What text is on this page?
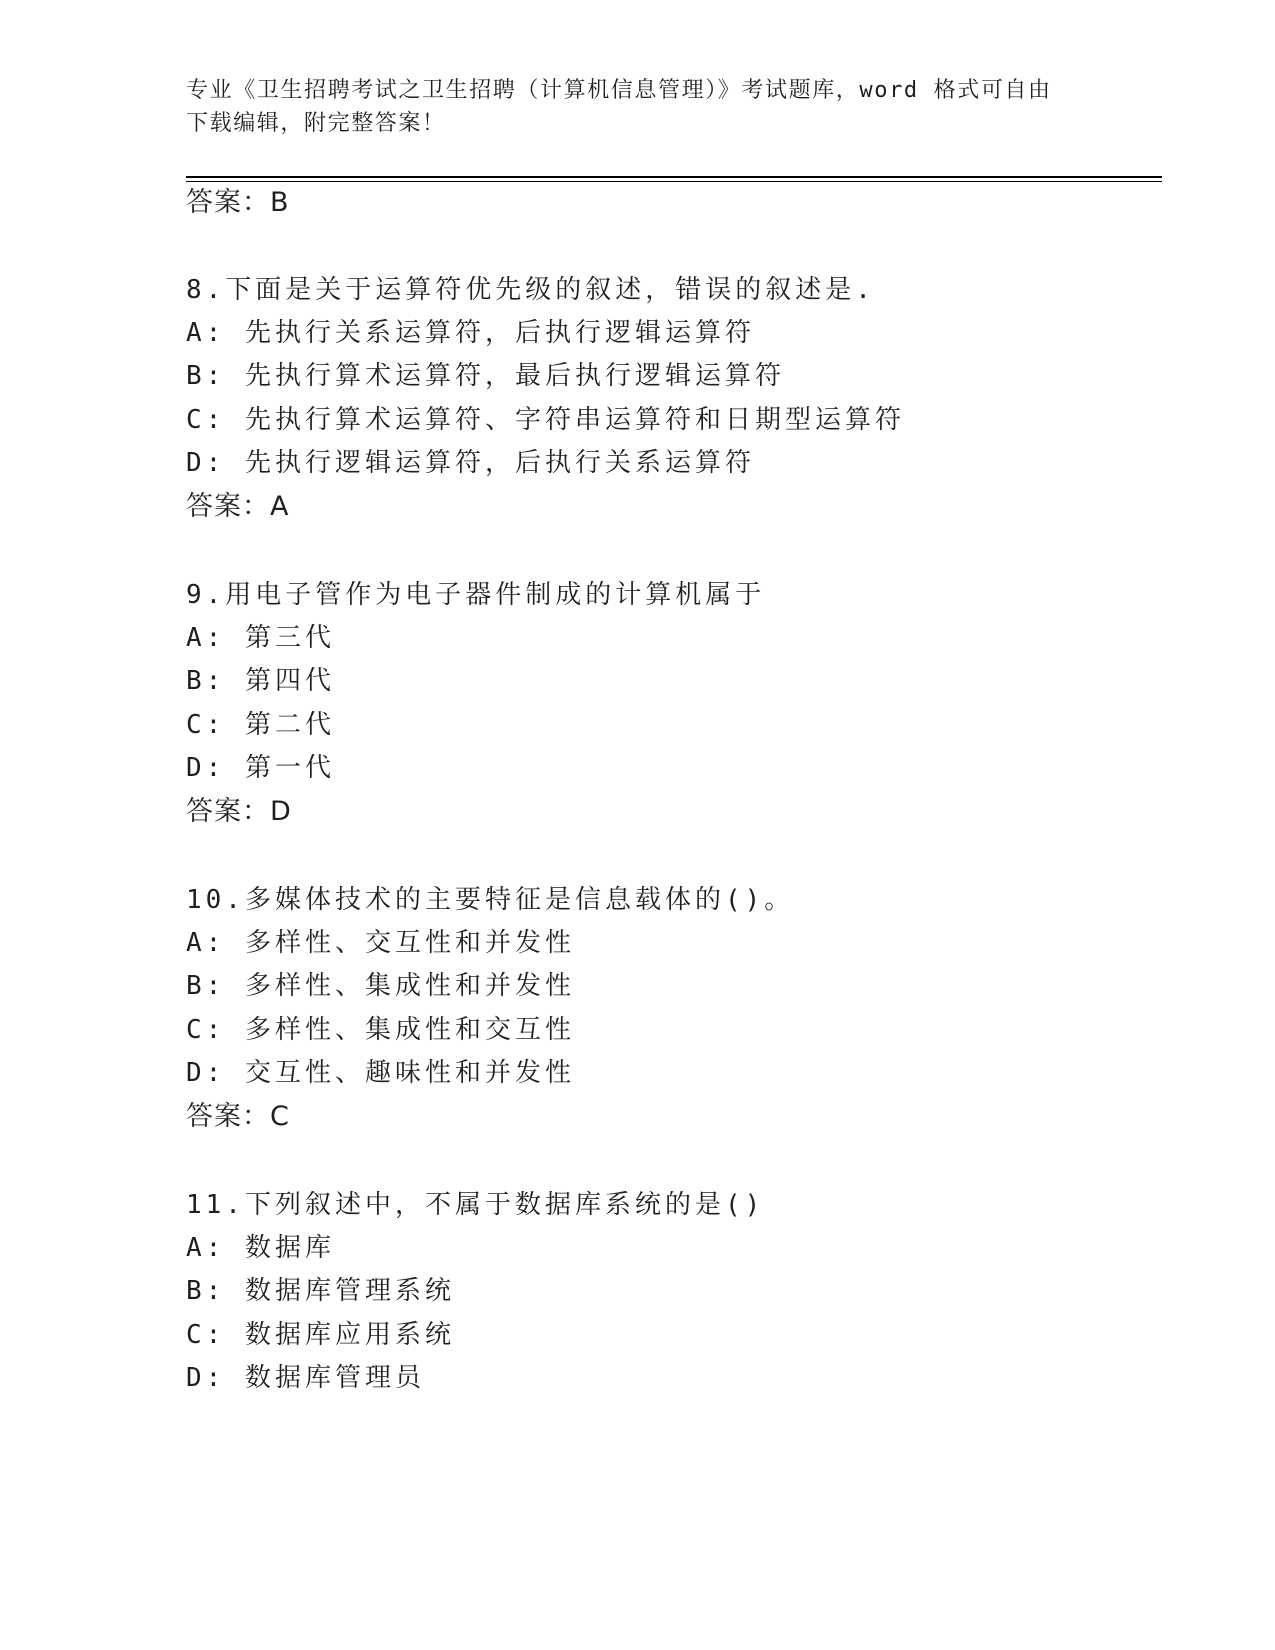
专业《卫生招聘考试之卫生招聘（计算机信息管理）》考试题库，word 格式可自由下载编辑，附完整答案！
答案：B
8.下面是关于运算符优先级的叙述，错误的叙述是.
A: 先执行关系运算符，后执行逻辑运算符
B: 先执行算术运算符，最后执行逻辑运算符
C: 先执行算术运算符、字符串运算符和日期型运算符
D: 先执行逻辑运算符，后执行关系运算符
答案：A
9.用电子管作为电子器件制成的计算机属于
A: 第三代
B: 第四代
C: 第二代
D: 第一代
答案：D
10.多媒体技术的主要特征是信息载体的()。
A: 多样性、交互性和并发性
B: 多样性、集成性和并发性
C: 多样性、集成性和交互性
D: 交互性、趣味性和并发性
答案：C
11.下列叙述中，不属于数据库系统的是()
A: 数据库
B: 数据库管理系统
C: 数据库应用系统
D: 数据库管理员
